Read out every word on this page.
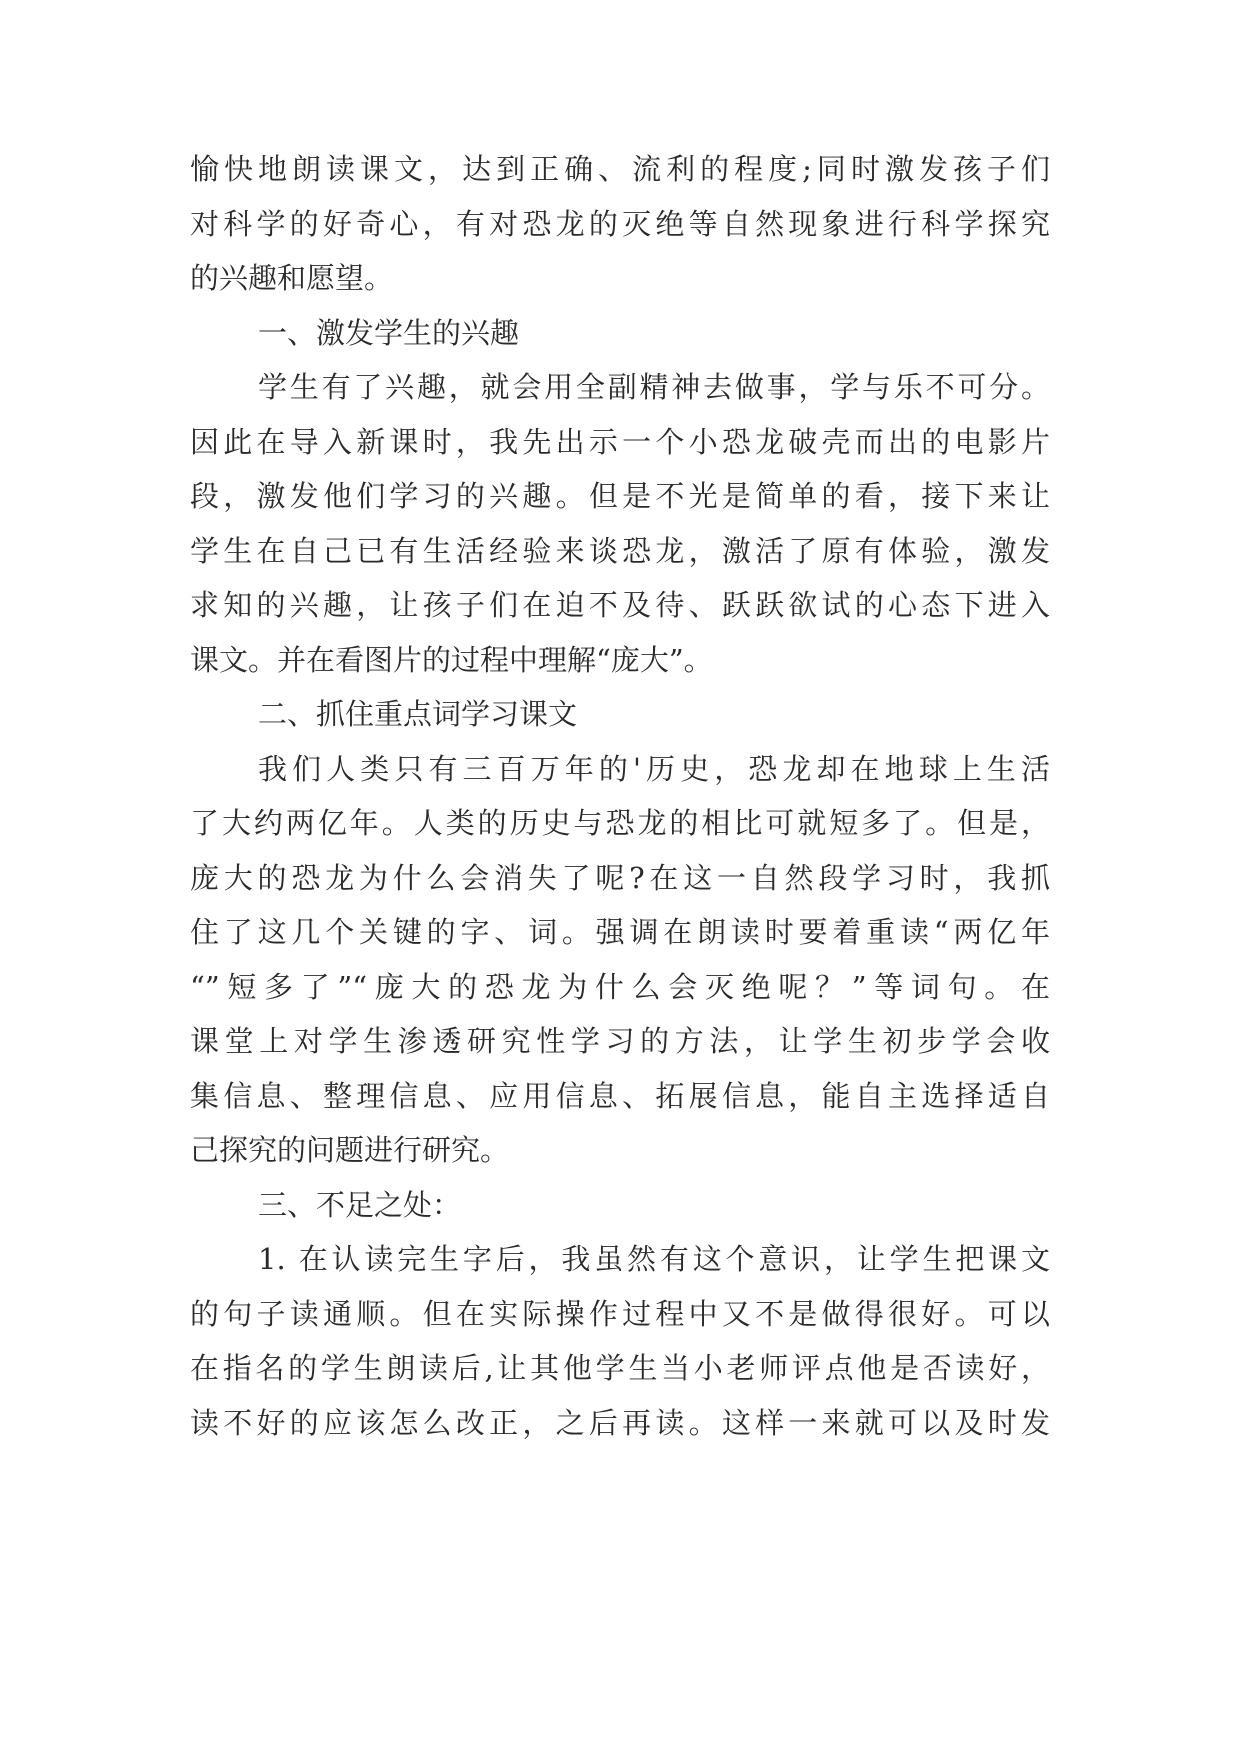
愉快地朗读课文，达到正确、流利的程度;同时激发孩子们
对科学的好奇心，有对恐龙的灭绝等自然现象进行科学探究
的兴趣和愿望。
一、激发学生的兴趣
学生有了兴趣，就会用全副精神去做事，学与乐不可分。
因此在导入新课时，我先出示一个小恐龙破壳而出的电影片
段，激发他们学习的兴趣。但是不光是简单的看，接下来让
学生在自己已有生活经验来谈恐龙，激活了原有体验，激发
求知的兴趣，让孩子们在迫不及待、跃跃欲试的心态下进入
课文。并在看图片的过程中理解“庞大”。
二、抓住重点词学习课文
我们人类只有三百万年的'历史，恐龙却在地球上生活
了大约两亿年。人类的历史与恐龙的相比可就短多了。但是，
庞大的恐龙为什么会消失了呢?在这一自然段学习时，我抓
住了这几个关键的字、词。强调在朗读时要着重读“两亿年
“”短多了”“庞大的恐龙为什么会灭绝呢？”等词句。在
课堂上对学生渗透研究性学习的方法，让学生初步学会收
集信息、整理信息、应用信息、拓展信息，能自主选择适自
己探究的问题进行研究。
三、不足之处：
1. 在认读完生字后，我虽然有这个意识，让学生把课文
的句子读通顺。但在实际操作过程中又不是做得很好。可以
在指名的学生朗读后,让其他学生当小老师评点他是否读好，
读不好的应该怎么改正，之后再读。这样一来就可以及时发
